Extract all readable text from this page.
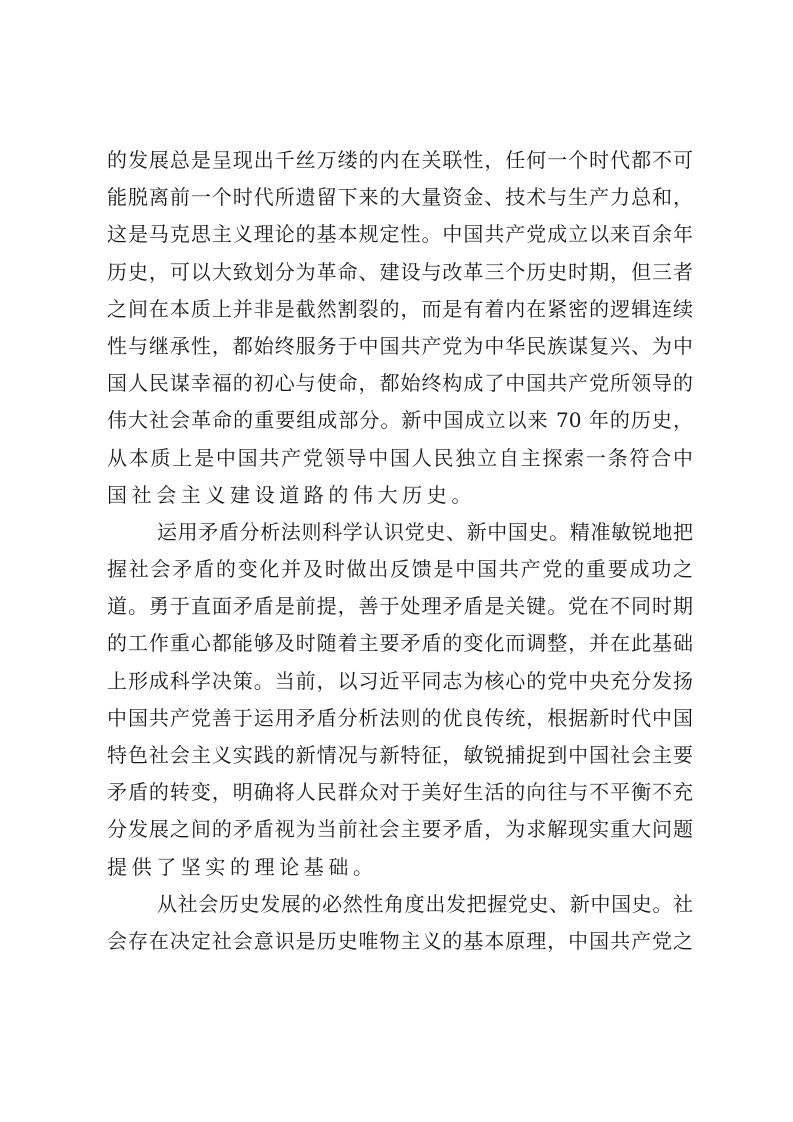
的发展总是呈现出千丝万缕的内在关联性，任何一个时代都不可
能脱离前一个时代所遗留下来的大量资金、技术与生产力总和，
这是马克思主义理论的基本规定性。中国共产党成立以来百余年
历史，可以大致划分为革命、建设与改革三个历史时期，但三者
之间在本质上并非是截然割裂的，而是有着内在紧密的逻辑连续
性与继承性，都始终服务于中国共产党为中华民族谋复兴、为中
国人民谋幸福的初心与使命，都始终构成了中国共产党所领导的
伟大社会革命的重要组成部分。新中国成立以来 70 年的历史，
从本质上是中国共产党领导中国人民独立自主探索一条符合中
国社会主义建设道路的伟大历史。
运用矛盾分析法则科学认识党史、新中国史。精准敏锐地把
握社会矛盾的变化并及时做出反馈是中国共产党的重要成功之
道。勇于直面矛盾是前提，善于处理矛盾是关键。党在不同时期
的工作重心都能够及时随着主要矛盾的变化而调整，并在此基础
上形成科学决策。当前，以习近平同志为核心的党中央充分发扬
中国共产党善于运用矛盾分析法则的优良传统，根据新时代中国
特色社会主义实践的新情况与新特征，敏锐捕捉到中国社会主要
矛盾的转变，明确将人民群众对于美好生活的向往与不平衡不充
分发展之间的矛盾视为当前社会主要矛盾，为求解现实重大问题
提供了坚实的理论基础。
从社会历史发展的必然性角度出发把握党史、新中国史。社
会存在决定社会意识是历史唯物主义的基本原理，中国共产党之
